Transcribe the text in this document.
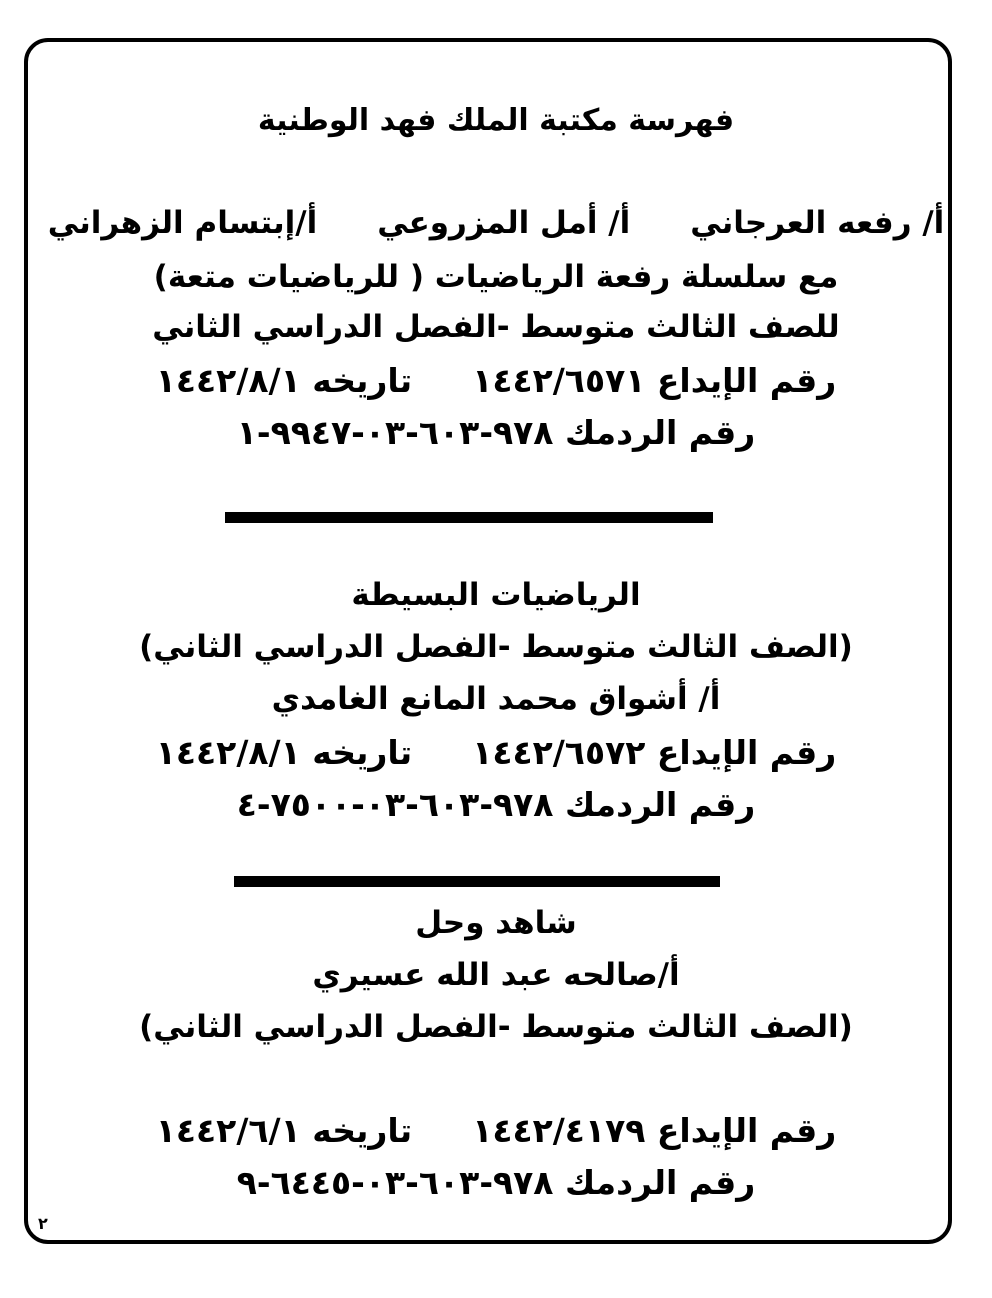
فهرسة مكتبة الملك فهد الوطنية
أ/ رفعه العرجانيأ/ أمل المزروعيأ/إبتسام الزهراني
مع سلسلة رفعة الرياضيات ( للرياضيات متعة)
للصف الثالث متوسط -الفصل الدراسي الثاني
رقم الإيداع ١٤٤٢/٦٥٧١تاريخه ١٤٤٢/٨/١
رقم الردمك ٩٧٨-٦٠٣-٠٣-٩٩٤٧-١
الرياضيات البسيطة
(الصف الثالث متوسط -الفصل الدراسي الثاني)
أ/ أشواق محمد المانع الغامدي
رقم الإيداع ١٤٤٢/٦٥٧٢تاريخه ١٤٤٢/٨/١
رقم الردمك ٩٧٨-٦٠٣-٠٣-٧٥٠٠-٤
شاهد وحل
أ/صالحه عبد الله عسيري
(الصف الثالث متوسط -الفصل الدراسي الثاني)
رقم الإيداع ١٤٤٢/٤١٧٩تاريخه ١٤٤٢/٦/١
رقم الردمك ٩٧٨-٦٠٣-٠٣-٦٤٤٥-٩
٢
